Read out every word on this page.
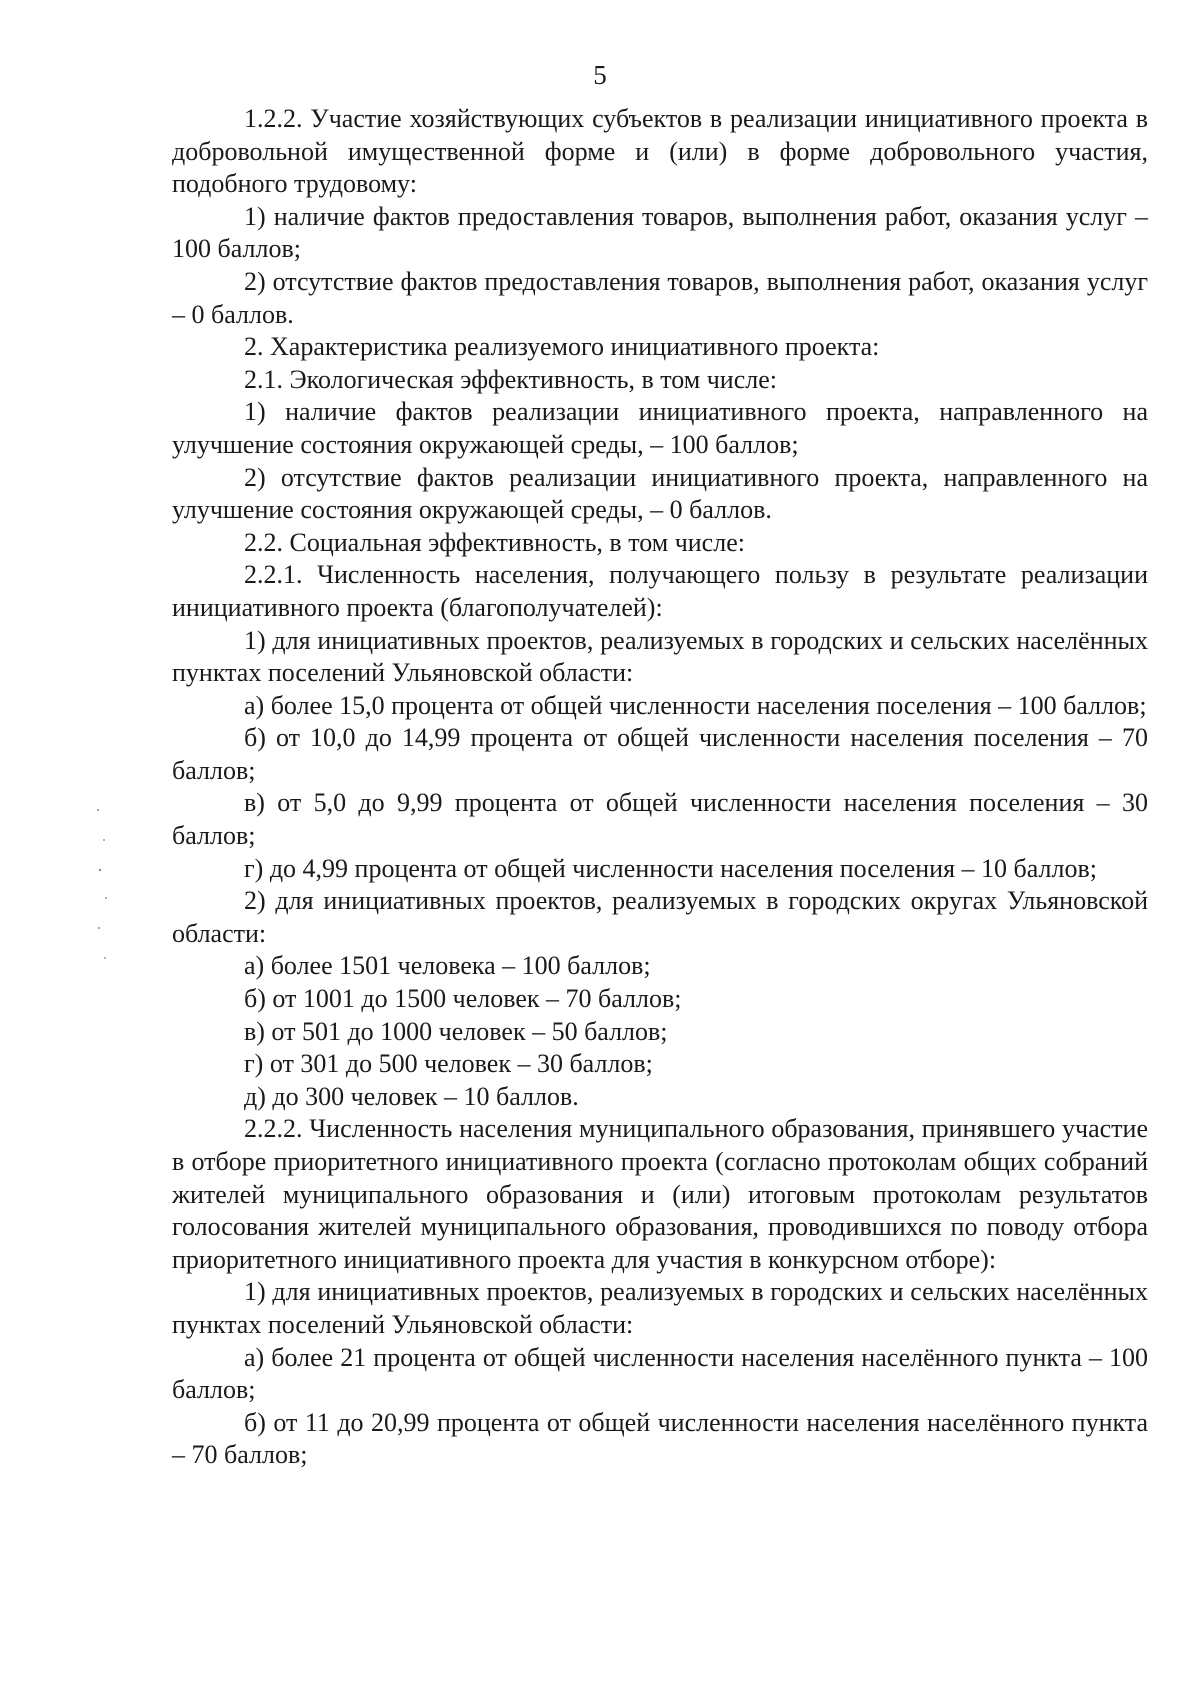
5

1.2.2. Участие хозяйствующих субъектов в реализации инициативного проекта в добровольной имущественной форме и (или) в форме добровольного участия, подобного трудовому:

1) наличие фактов предоставления товаров, выполнения работ, оказания услуг – 100 баллов;

2) отсутствие фактов предоставления товаров, выполнения работ, оказания услуг – 0 баллов.

2. Характеристика реализуемого инициативного проекта:

2.1. Экологическая эффективность, в том числе:

1) наличие фактов реализации инициативного проекта, направленного на улучшение состояния окружающей среды, – 100 баллов;

2) отсутствие фактов реализации инициативного проекта, направленного на улучшение состояния окружающей среды, – 0 баллов.

2.2. Социальная эффективность, в том числе:

2.2.1. Численность населения, получающего пользу в результате реализации инициативного проекта (благополучателей):

1) для инициативных проектов, реализуемых в городских и сельских населённых пунктах поселений Ульяновской области:

а) более 15,0 процента от общей численности населения поселения – 100 баллов;

б) от 10,0 до 14,99 процента от общей численности населения поселения – 70 баллов;

в) от 5,0 до 9,99 процента от общей численности населения поселения – 30 баллов;

г) до 4,99 процента от общей численности населения поселения – 10 баллов;

2) для инициативных проектов, реализуемых в городских округах Ульяновской области:

а) более 1501 человека – 100 баллов;

б) от 1001 до 1500 человек – 70 баллов;

в) от 501 до 1000 человек – 50 баллов;

г) от 301 до 500 человек – 30 баллов;

д) до 300 человек – 10 баллов.

2.2.2. Численность населения муниципального образования, принявшего участие в отборе приоритетного инициативного проекта (согласно протоколам общих собраний жителей муниципального образования и (или) итоговым протоколам результатов голосования жителей муниципального образования, проводившихся по поводу отбора приоритетного инициативного проекта для участия в конкурсном отборе):

1) для инициативных проектов, реализуемых в городских и сельских населённых пунктах поселений Ульяновской области:

а) более 21 процента от общей численности населения населённого пункта – 100 баллов;

б) от 11 до 20,99 процента от общей численности населения населённого пункта – 70 баллов;
